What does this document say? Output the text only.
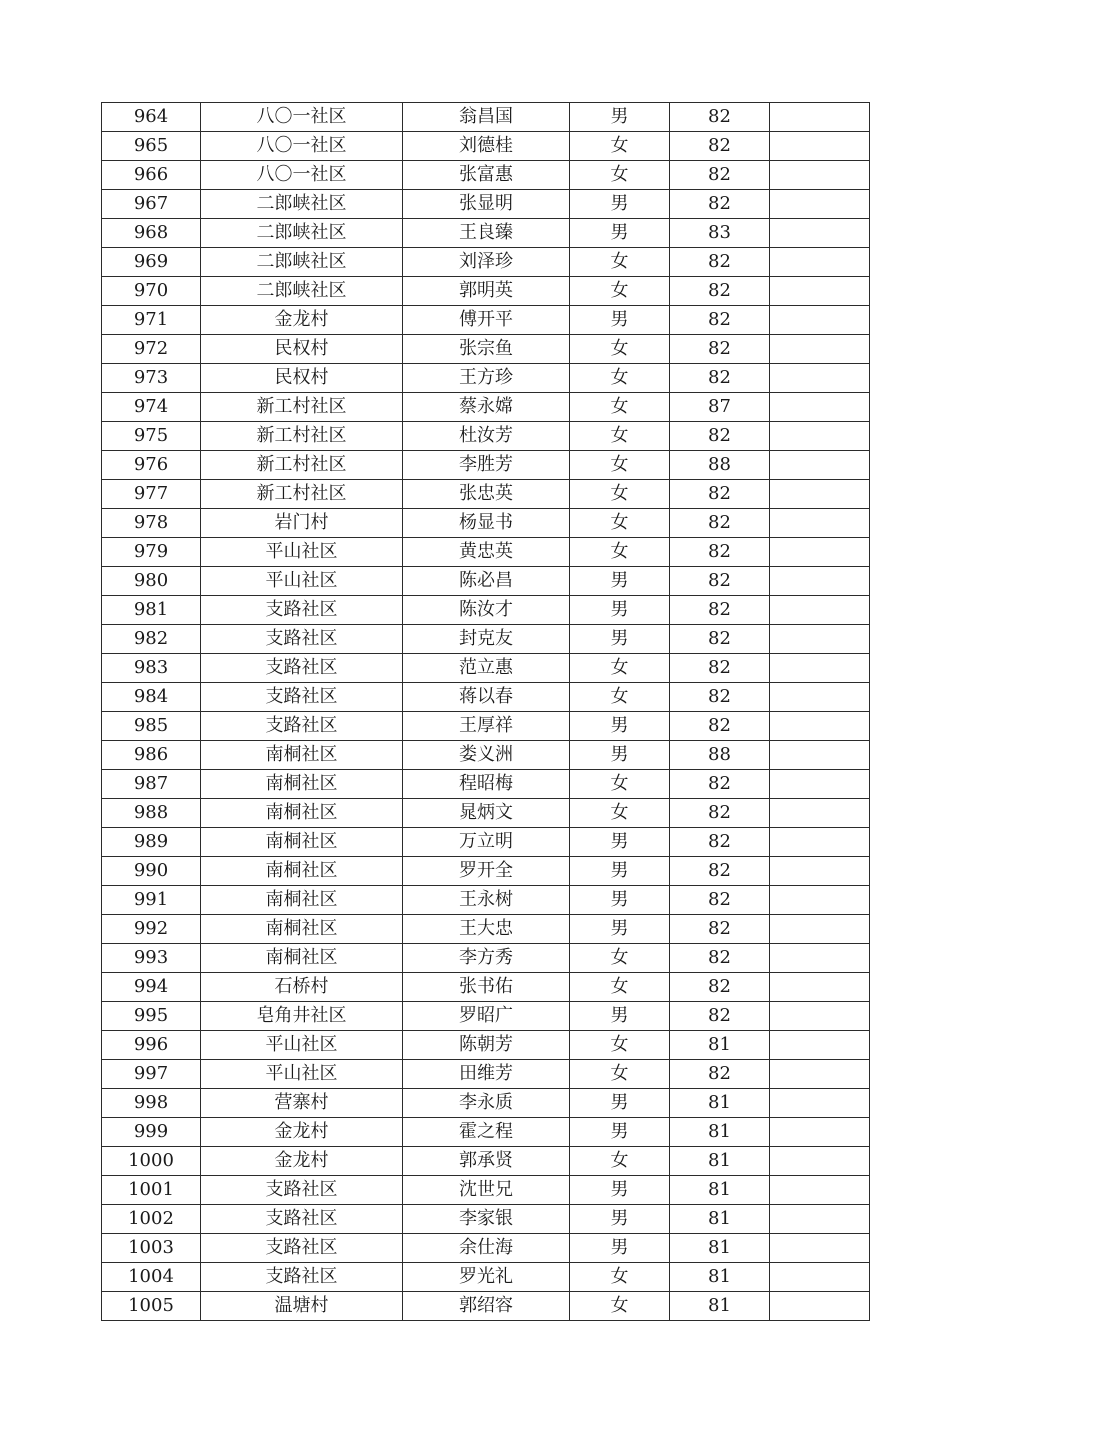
964	八〇一社区	翁昌国	男	82	
965	八〇一社区	刘德桂	女	82	
966	八〇一社区	张富惠	女	82	
967	二郎峡社区	张显明	男	82	
968	二郎峡社区	王良臻	男	83	
969	二郎峡社区	刘泽珍	女	82	
970	二郎峡社区	郭明英	女	82	
971	金龙村	傅开平	男	82	
972	民权村	张宗鱼	女	82	
973	民权村	王方珍	女	82	
974	新工村社区	蔡永嫦	女	87	
975	新工村社区	杜汝芳	女	82	
976	新工村社区	李胜芳	女	88	
977	新工村社区	张忠英	女	82	
978	岩门村	杨显书	女	82	
979	平山社区	黄忠英	女	82	
980	平山社区	陈必昌	男	82	
981	支路社区	陈汝才	男	82	
982	支路社区	封克友	男	82	
983	支路社区	范立惠	女	82	
984	支路社区	蒋以春	女	82	
985	支路社区	王厚祥	男	82	
986	南桐社区	娄义洲	男	88	
987	南桐社区	程昭梅	女	82	
988	南桐社区	晁炳文	女	82	
989	南桐社区	万立明	男	82	
990	南桐社区	罗开全	男	82	
991	南桐社区	王永树	男	82	
992	南桐社区	王大忠	男	82	
993	南桐社区	李方秀	女	82	
994	石桥村	张书佑	女	82	
995	皂角井社区	罗昭广	男	82	
996	平山社区	陈朝芳	女	81	
997	平山社区	田维芳	女	82	
998	营寨村	李永质	男	81	
999	金龙村	霍之程	男	81	
1000	金龙村	郭承贤	女	81	
1001	支路社区	沈世兄	男	81	
1002	支路社区	李家银	男	81	
1003	支路社区	余仕海	男	81	
1004	支路社区	罗光礼	女	81	
1005	温塘村	郭绍容	女	81	
